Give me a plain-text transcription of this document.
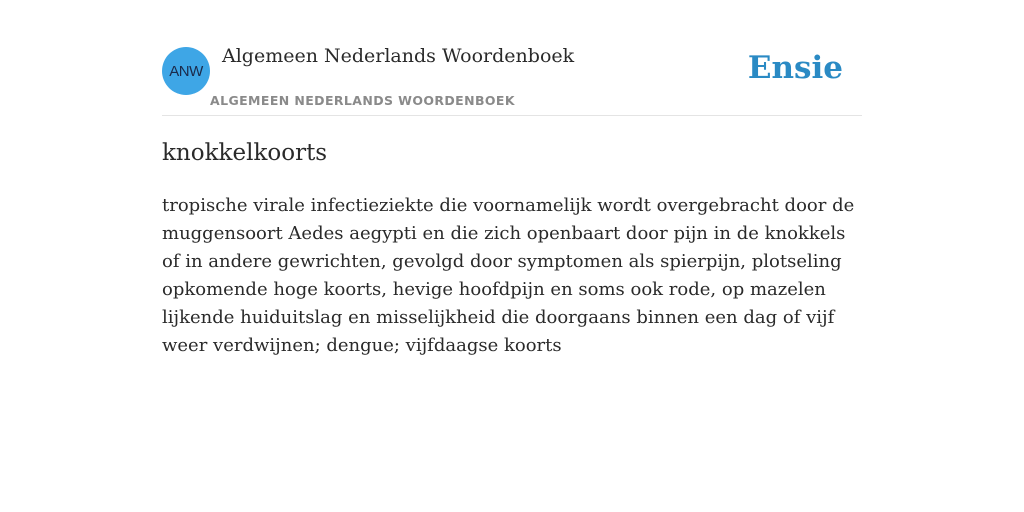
ANW
Algemeen Nederlands Woordenboek
ALGEMEEN NEDERLANDS WOORDENBOEK
Ensie
knokkelkoorts

tropische virale infectieziekte die voornamelijk wordt overgebracht door de muggensoort Aedes aegypti en die zich openbaart door pijn in de knokkels of in andere gewrichten, gevolgd door symptomen als spierpijn, plotseling opkomende hoge koorts, hevige hoofdpijn en soms ook rode, op mazelen lijkende huiduitslag en misselijkheid die doorgaans binnen een dag of vijf weer verdwijnen; dengue; vijfdaagse koorts
